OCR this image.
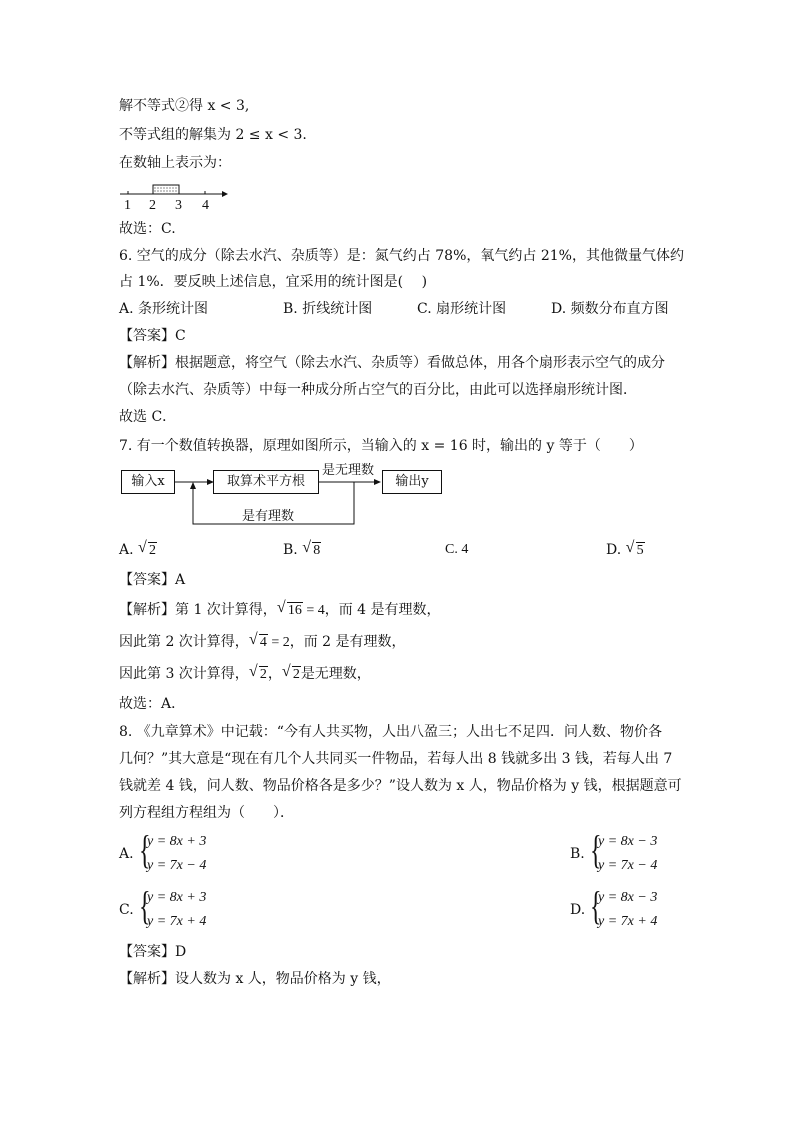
解不等式②得 x < 3,
不等式组的解集为 2 ≤ x < 3.
在数轴上表示为：
1 2 3 4
故选：C.
6. 空气的成分（除去水汽、杂质等）是：氮气约占 78%，氧气约占 21%，其他微量气体约
占 1%．要反映上述信息，宜采用的统计图是(　 )
A. 条形统计图	B. 折线统计图	C. 扇形统计图	D. 频数分布直方图
【答案】C
【解析】根据题意，将空气（除去水汽、杂质等）看做总体，用各个扇形表示空气的成分
（除去水汽、杂质等）中每一种成分所占空气的百分比，由此可以选择扇形统计图．
故选 C．
7. 有一个数值转换器，原理如图所示，当输入的 x = 16 时，输出的 y 等于（　　）
输入x	取算术平方根	输出y
是无理数
是有理数
A. √ 2	B. √ 8	C. 4	D. √ 5
【答案】A
【解析】第 1 次计算得， √ 16 = 4，而 4 是有理数，
因此第 2 次计算得， √ 4 = 2，而 2 是有理数，
因此第 3 次计算得， √ 2， √ 2是无理数，
故选：A．
8. 《九章算术》中记载：“今有人共买物，人出八盈三；人出七不足四．问人数、物价各
几何？”其大意是“现在有几个人共同买一件物品，若每人出 8 钱就多出 3 钱，若每人出 7
钱就差 4 钱，问人数、物品价格各是多少？”设人数为 x 人，物品价格为 y 钱，根据题意可
列方程组方程组为（　　）．
A. {
y = 8x + 3
y = 7x − 4
B. {
y = 8x − 3
y = 7x − 4
C. {
y = 8x + 3
y = 7x + 4
D. {
y = 8x − 3
y = 7x + 4
【答案】D
【解析】设人数为 x 人，物品价格为 y 钱，
